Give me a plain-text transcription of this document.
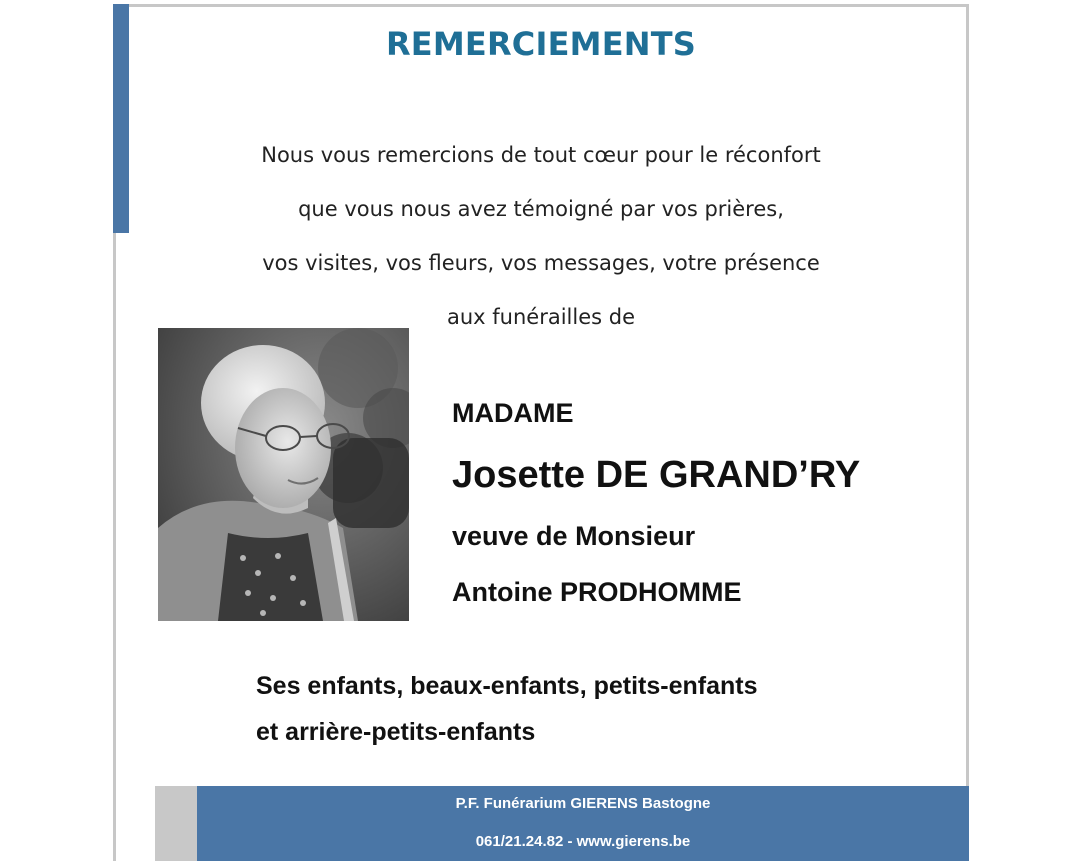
REMERCIEMENTS
Nous vous remercions de tout cœur pour le réconfort
que vous nous avez témoigné par vos prières,
vos visites, vos fleurs, vos messages, votre présence
aux funérailles de
MADAME
Josette DE GRAND’RY
veuve de Monsieur
Antoine PRODHOMME
Ses enfants, beaux-enfants, petits-enfants
et arrière-petits-enfants
P.F. Funérarium GIERENS Bastogne
061/21.24.82 - www.gierens.be
